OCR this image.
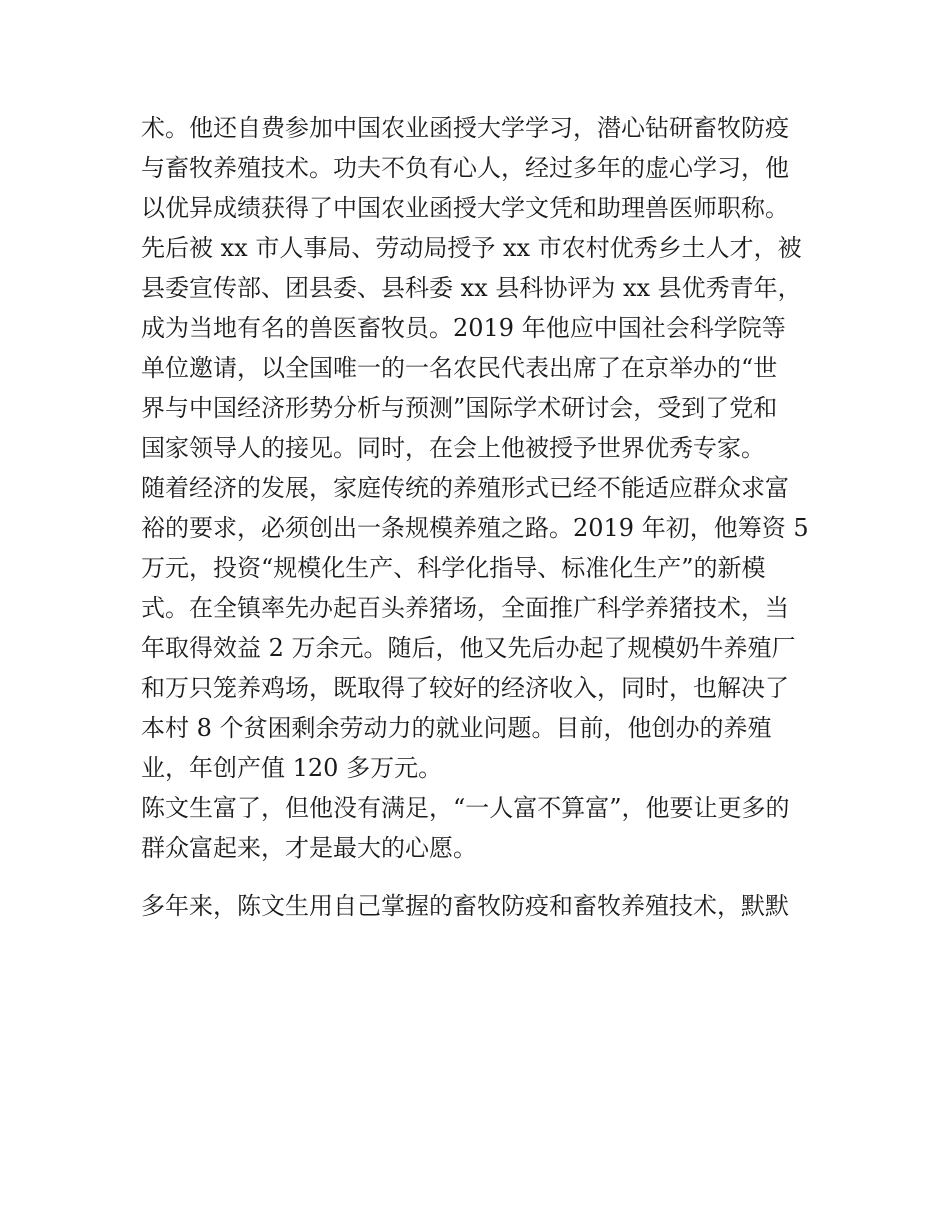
术。他还自费参加中国农业函授大学学习，潜心钻研畜牧防疫

与畜牧养殖技术。功夫不负有心人，经过多年的虚心学习，他

以优异成绩获得了中国农业函授大学文凭和助理兽医师职称。

先后被 xx 市人事局、劳动局授予 xx 市农村优秀乡土人才，被

县委宣传部、团县委、县科委 xx 县科协评为 xx 县优秀青年，

成为当地有名的兽医畜牧员。2019 年他应中国社会科学院等

单位邀请，以全国唯一的一名农民代表出席了在京举办的“世

界与中国经济形势分析与预测”国际学术研讨会，受到了党和

国家领导人的接见。同时，在会上他被授予世界优秀专家。

随着经济的发展，家庭传统的养殖形式已经不能适应群众求富

裕的要求，必须创出一条规模养殖之路。2019 年初，他筹资 5

万元，投资“规模化生产、科学化指导、标准化生产”的新模

式。在全镇率先办起百头养猪场，全面推广科学养猪技术，当

年取得效益 2 万余元。随后，他又先后办起了规模奶牛养殖厂

和万只笼养鸡场，既取得了较好的经济收入，同时，也解决了

本村 8 个贫困剩余劳动力的就业问题。目前，他创办的养殖

业，年创产值 120 多万元。

陈文生富了，但他没有满足，“一人富不算富”，他要让更多的

群众富起来，才是最大的心愿。

多年来，陈文生用自己掌握的畜牧防疫和畜牧养殖技术，默默
